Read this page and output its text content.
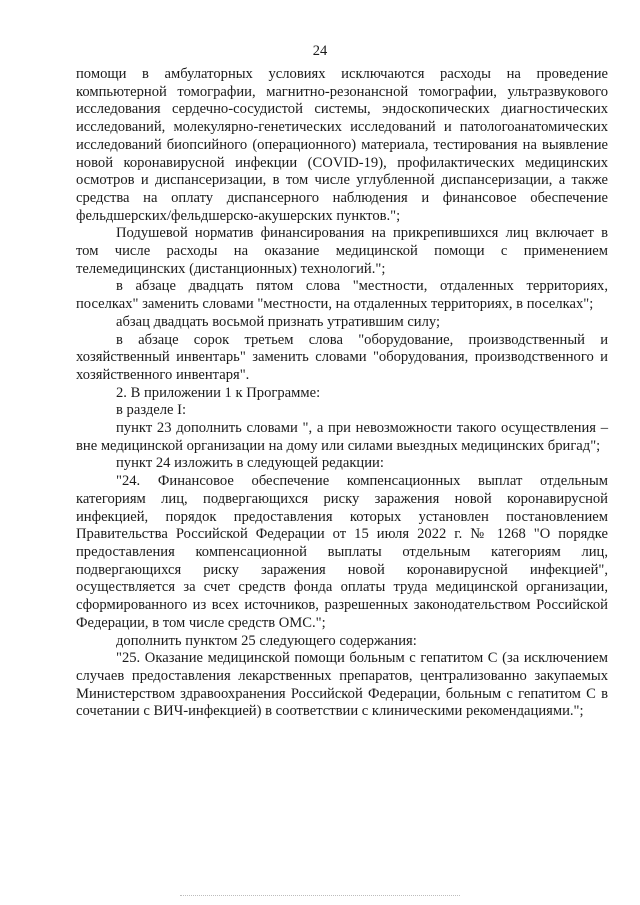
24

помощи в амбулаторных условиях исключаются расходы на проведение компьютерной томографии, магнитно-резонансной томографии, ультразвукового исследования сердечно-сосудистой системы, эндоскопических диагностических исследований, молекулярно-генетических исследований и патологоанатомических исследований биопсийного (операционного) материала, тестирования на выявление новой коронавирусной инфекции (COVID-19), профилактических медицинских осмотров и диспансеризации, в том числе углубленной диспансеризации, а также средства на оплату диспансерного наблюдения и финансовое обеспечение фельдшерских/фельдшерско-акушерских пунктов.";

Подушевой норматив финансирования на прикрепившихся лиц включает в том числе расходы на оказание медицинской помощи с применением телемедицинских (дистанционных) технологий.";

в абзаце двадцать пятом слова "местности, отдаленных территориях, поселках" заменить словами "местности, на отдаленных территориях, в поселках";

абзац двадцать восьмой признать утратившим силу;

в абзаце сорок третьем слова "оборудование, производственный и хозяйственный инвентарь" заменить словами "оборудования, производственного и хозяйственного инвентаря".

2. В приложении 1 к Программе:

в разделе I:

пункт 23 дополнить словами ", а при невозможности такого осуществления – вне медицинской организации на дому или силами выездных медицинских бригад";

пункт 24 изложить в следующей редакции:

"24. Финансовое обеспечение компенсационных выплат отдельным категориям лиц, подвергающихся риску заражения новой коронавирусной инфекцией, порядок предоставления которых установлен постановлением Правительства Российской Федерации от 15 июля 2022 г. № 1268 "О порядке предоставления компенсационной выплаты отдельным категориям лиц, подвергающихся риску заражения новой коронавирусной инфекцией", осуществляется за счет средств фонда оплаты труда медицинской организации, сформированного из всех источников, разрешенных законодательством Российской Федерации, в том числе средств ОМС.";

дополнить пунктом 25 следующего содержания:

"25. Оказание медицинской помощи больным с гепатитом С (за исключением случаев предоставления лекарственных препаратов, централизованно закупаемых Министерством здравоохранения Российской Федерации, больным с гепатитом С в сочетании с ВИЧ-инфекцией) в соответствии с клиническими рекомендациями.";
